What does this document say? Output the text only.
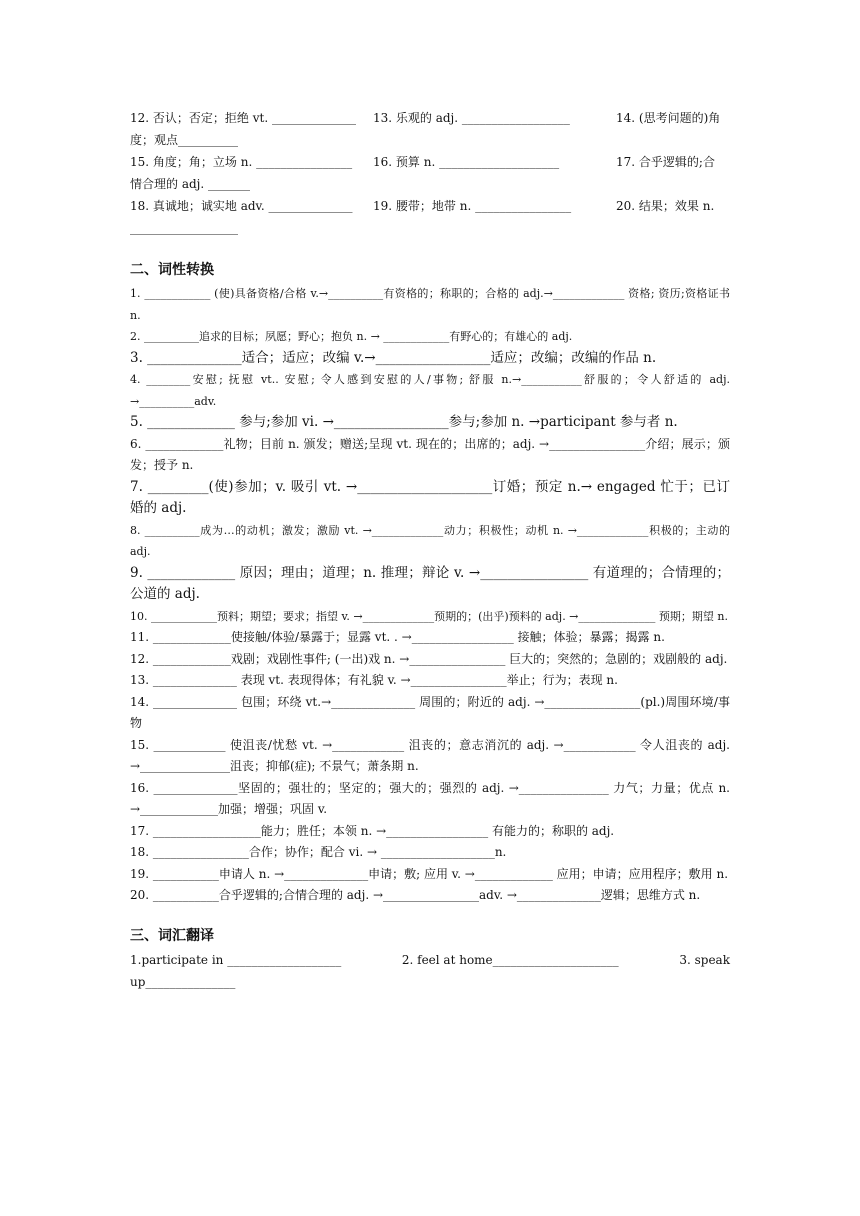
12. 否认；否定；拒绝 vt. ______________	13. 乐观的 adj. __________________	14. (思考问题的)角
度；观点__________
15. 角度；角；立场 n. ________________	16. 预算 n. ____________________	17. 合乎逻辑的;合
情合理的 adj. _______
18. 真诚地；诚实地 adv. ______________	19. 腰带；地带 n. ________________	20. 结果；效果 n.
__________________
二、词性转换
1. ____________ (使)具备资格/合格 v.→__________有资格的；称职的；合格的 adj.→_____________ 资格; 资历;资格证书 n.
2. __________追求的目标；夙愿；野心；抱负 n. → ____________有野心的；有雄心的 adj.
3. ______________适合；适应；改编 v.→_________________适应；改编；改编的作品 n.
4. ________安慰; 抚慰 vt.. 安慰; 令人感到安慰的人/事物; 舒服 n.→___________舒服的；令人舒适的 adj. →__________adv.
5. _____________ 参与;参加 vi. →_________________参与;参加 n. →participant 参与者 n.
6. _____________礼物；目前 n. 颁发；赠送;呈现 vt. 现在的；出席的；adj. →________________介绍；展示；颁发；授予 n.
7. _________(使)参加；v. 吸引 vt. →____________________订婚；预定 n.→ engaged 忙于；已订婚的 adj.
8. __________成为…的动机；激发；激励 vt. →_____________动力；积极性；动机 n. →_____________积极的；主动的 adj.
9. _____________ 原因；理由；道理；n. 推理；辩论 v. →________________ 有道理的；合情理的；公道的 adj.
10. ____________预料；期望；要求；指望 v. →_____________预期的；(出乎)预料的 adj. →______________ 预期；期望 n.
11. _____________使接触/体验/暴露于；显露 vt. . →_________________ 接触；体验；暴露；揭露 n.
12. _____________戏剧；戏剧性事件; (一出)戏 n. →________________ 巨大的；突然的；急剧的；戏剧般的 adj.
13. ______________ 表现 vt. 表现得体；有礼貌 v. →________________举止；行为；表现 n.
14. ______________ 包围；环绕 vt.→______________ 周围的；附近的 adj. →________________(pl.)周围环境/事物
15. ____________ 使沮丧/忧愁 vt. →____________ 沮丧的；意志消沉的 adj. →____________ 令人沮丧的 adj. →_______________沮丧；抑郁(症); 不景气；萧条期 n.
16. ______________坚固的；强壮的；坚定的；强大的；强烈的 adj. →_______________ 力气；力量；优点 n. →_____________加强；增强；巩固 v.
17. __________________能力；胜任；本领 n. →_________________ 有能力的；称职的 adj.
18. ________________合作；协作；配合 vi. → ___________________n.
19. ___________申请人 n. →______________申请；敷; 应用 v. →_____________ 应用；申请；应用程序；敷用 n.
20. ___________合乎逻辑的;合情合理的 adj. →________________adv. →______________逻辑；思维方式 n.
三、词汇翻译
1.participate in ___________________	2. feel at home_____________________	3. speak
up_______________
